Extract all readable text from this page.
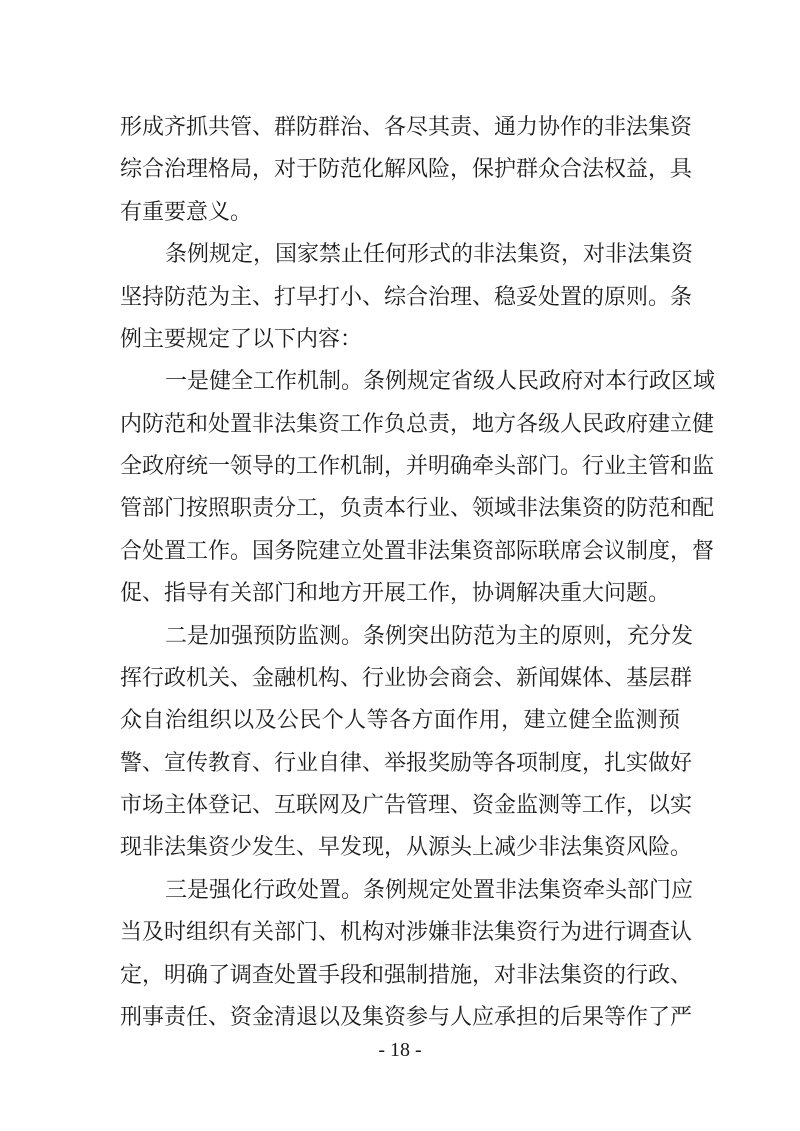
形成齐抓共管、群防群治、各尽其责、通力协作的非法集资
综合治理格局，对于防范化解风险，保护群众合法权益，具
有重要意义。
条例规定，国家禁止任何形式的非法集资，对非法集资
坚持防范为主、打早打小、综合治理、稳妥处置的原则。条
例主要规定了以下内容：
一是健全工作机制。条例规定省级人民政府对本行政区域
内防范和处置非法集资工作负总责，地方各级人民政府建立健
全政府统一领导的工作机制，并明确牵头部门。行业主管和监
管部门按照职责分工，负责本行业、领域非法集资的防范和配
合处置工作。国务院建立处置非法集资部际联席会议制度，督
促、指导有关部门和地方开展工作，协调解决重大问题。
二是加强预防监测。条例突出防范为主的原则，充分发
挥行政机关、金融机构、行业协会商会、新闻媒体、基层群
众自治组织以及公民个人等各方面作用，建立健全监测预
警、宣传教育、行业自律、举报奖励等各项制度，扎实做好
市场主体登记、互联网及广告管理、资金监测等工作，以实
现非法集资少发生、早发现，从源头上减少非法集资风险。
三是强化行政处置。条例规定处置非法集资牵头部门应
当及时组织有关部门、机构对涉嫌非法集资行为进行调查认
定，明确了调查处置手段和强制措施，对非法集资的行政、
刑事责任、资金清退以及集资参与人应承担的后果等作了严
- 18 -
